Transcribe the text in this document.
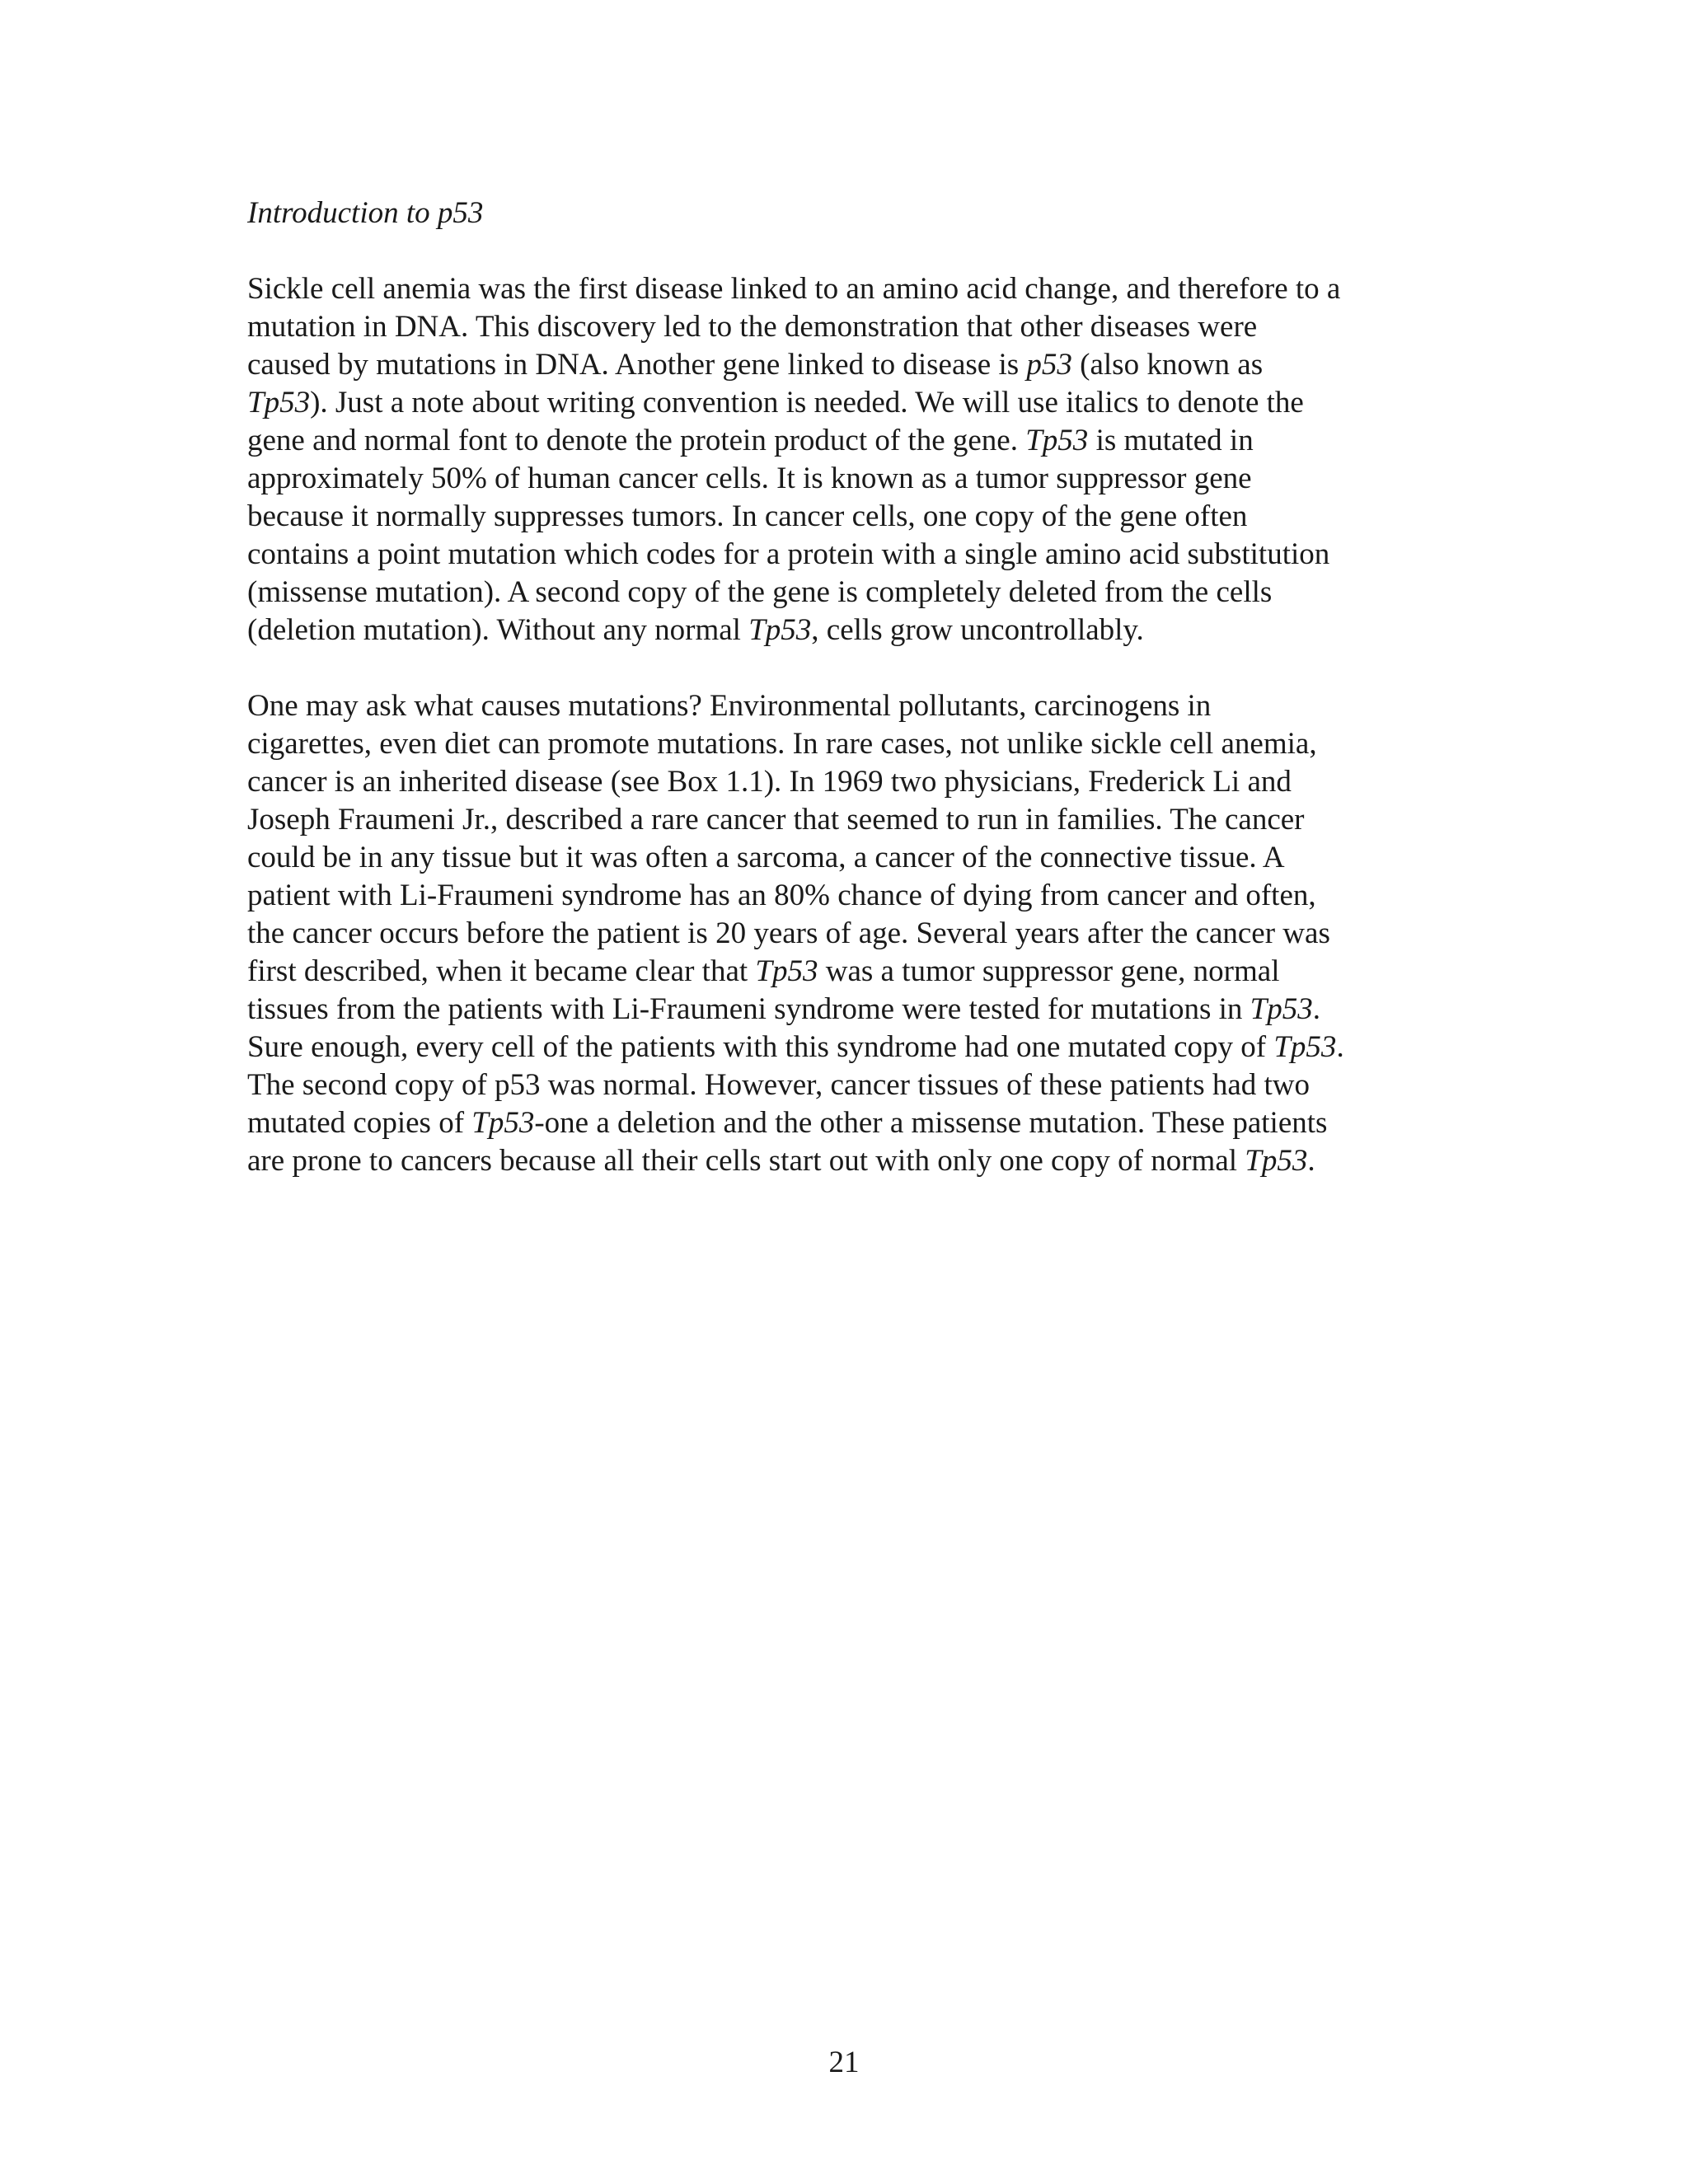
Introduction to p53
Sickle cell anemia was the first disease linked to an amino acid change, and therefore to a
mutation in DNA. This discovery led to the demonstration that other diseases were
caused by mutations in DNA. Another gene linked to disease is p53 (also known as
Tp53). Just a note about writing convention is needed. We will use italics to denote the
gene and normal font to denote the protein product of the gene. Tp53 is mutated in
approximately 50% of human cancer cells. It is known as a tumor suppressor gene
because it normally suppresses tumors. In cancer cells, one copy of the gene often
contains a point mutation which codes for a protein with a single amino acid substitution
(missense mutation). A second copy of the gene is completely deleted from the cells
(deletion mutation). Without any normal Tp53, cells grow uncontrollably.
One may ask what causes mutations? Environmental pollutants, carcinogens in
cigarettes, even diet can promote mutations. In rare cases, not unlike sickle cell anemia,
cancer is an inherited disease (see Box 1.1). In 1969 two physicians, Frederick Li and
Joseph Fraumeni Jr., described a rare cancer that seemed to run in families. The cancer
could be in any tissue but it was often a sarcoma, a cancer of the connective tissue. A
patient with Li-Fraumeni syndrome has an 80% chance of dying from cancer and often,
the cancer occurs before the patient is 20 years of age. Several years after the cancer was
first described, when it became clear that Tp53 was a tumor suppressor gene, normal
tissues from the patients with Li-Fraumeni syndrome were tested for mutations in Tp53.
Sure enough, every cell of the patients with this syndrome had one mutated copy of Tp53.
The second copy of p53 was normal. However, cancer tissues of these patients had two
mutated copies of Tp53-one a deletion and the other a missense mutation. These patients
are prone to cancers because all their cells start out with only one copy of normal Tp53.
21
